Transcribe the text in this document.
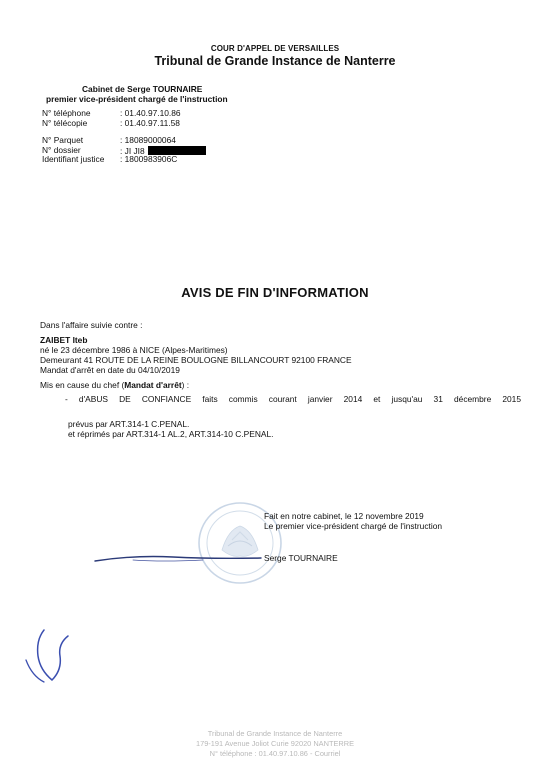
COUR D'APPEL DE VERSAILLES
Tribunal de Grande Instance de Nanterre
Cabinet de Serge TOURNAIRE
premier vice-président chargé de l'instruction
N° téléphone	: 01.40.97.10.86
N° télécopie	: 01.40.97.11.58
N° Parquet	: 18089000064
N° dossier	: JI JI8
Identifiant justice	: 1800983906C
AVIS DE FIN D'INFORMATION
Dans l'affaire suivie contre :
ZAIBET Iteb
né le 23 décembre 1986 à NICE (Alpes-Maritimes)
Demeurant 41 ROUTE DE LA REINE BOULOGNE BILLANCOURT 92100 FRANCE
Mandat d'arrêt en date du 04/10/2019
Mis en cause du chef (Mandat d'arrêt) :
- d'ABUS DE CONFIANCE faits commis courant janvier 2014 et jusqu'au 31 décembre 2015
prévus par ART.314-1 C.PENAL.
et réprimés par ART.314-1 AL.2, ART.314-10 C.PENAL.
Fait en notre cabinet, le 12 novembre 2019
Le premier vice-président chargé de l'instruction
Serge TOURNAIRE
Tribunal de Grande Instance de Nanterre
179-191 Avenue Joliot Curie 92020 NANTERRE
N° téléphone : 01.40.97.10.86 - Courriel
